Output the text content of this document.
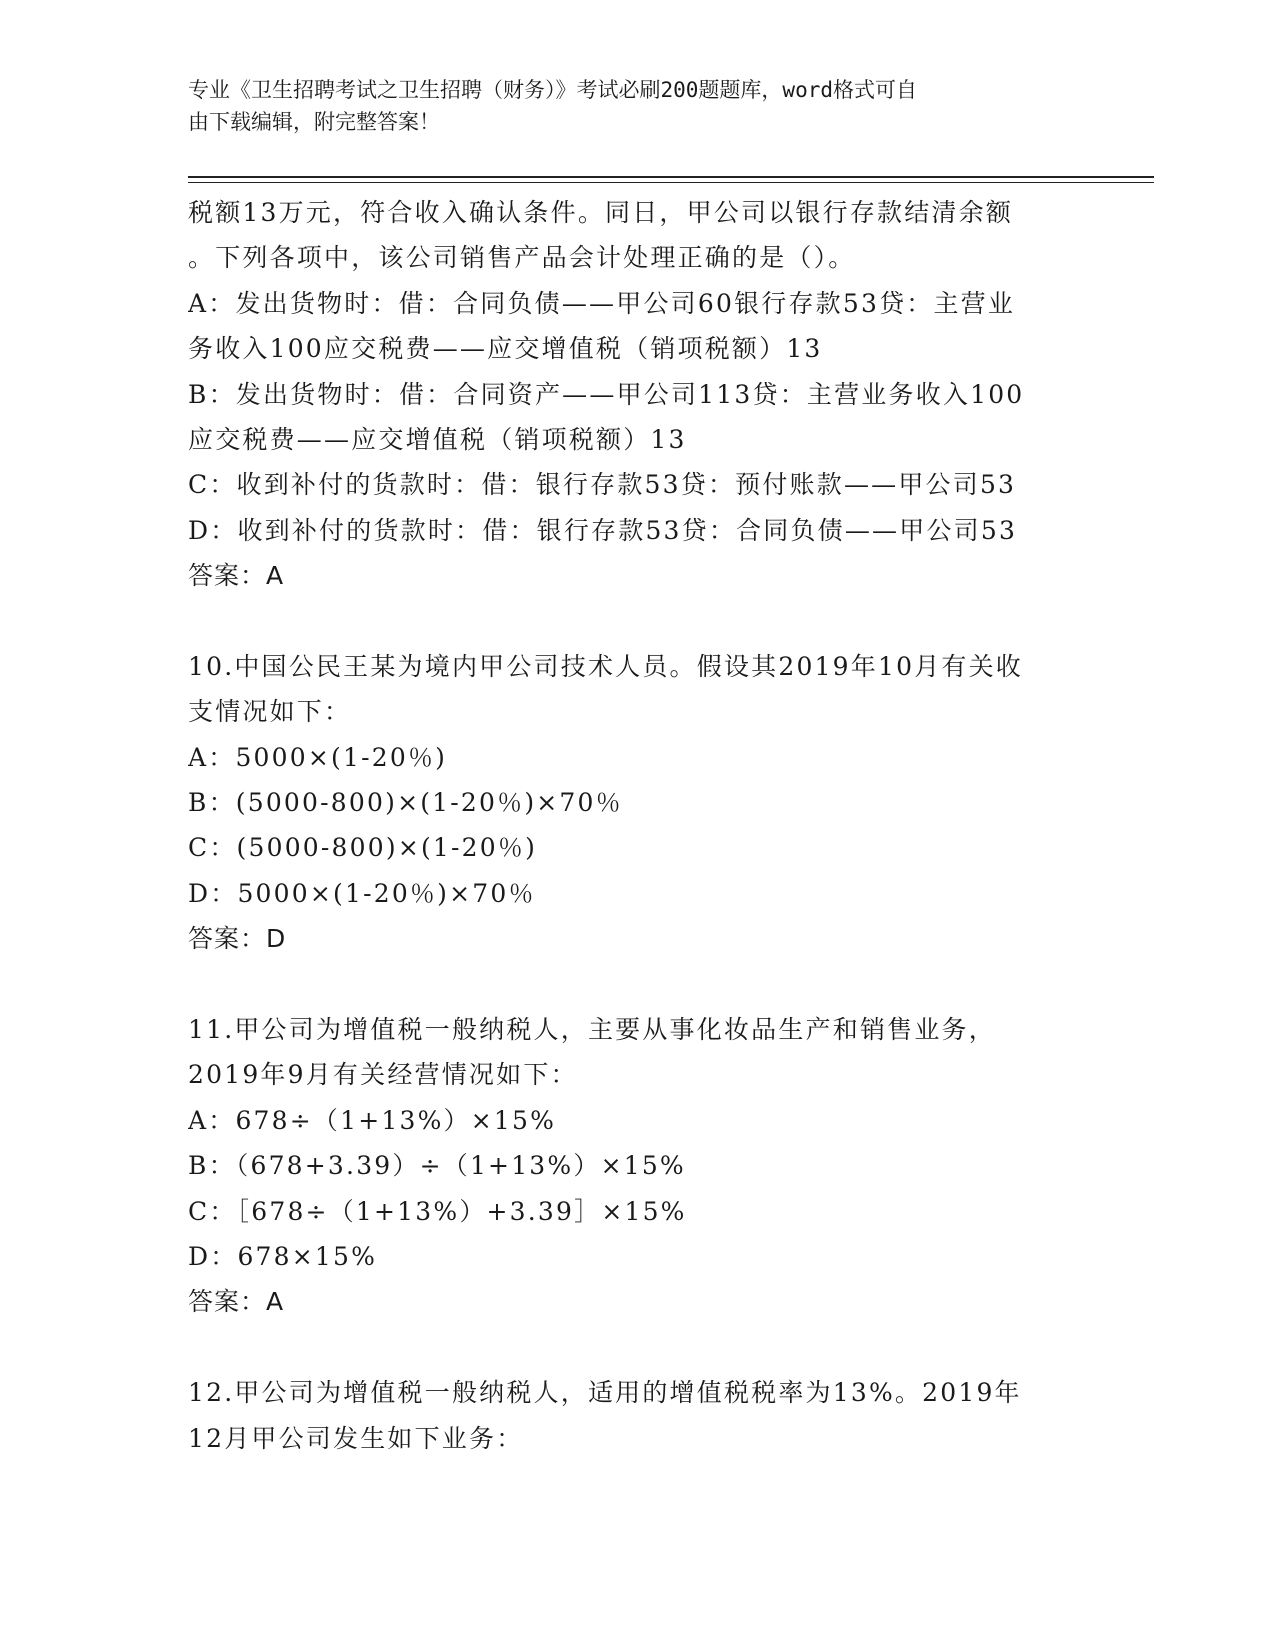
专业《卫生招聘考试之卫生招聘（财务）》考试必刷200题题库，word格式可自
由下载编辑，附完整答案！
税额13万元，符合收入确认条件。同日，甲公司以银行存款结清余额
。下列各项中，该公司销售产品会计处理正确的是（）。
A：发出货物时：借：合同负债——甲公司60银行存款53贷：主营业
务收入100应交税费——应交增值税（销项税额）13
B：发出货物时：借：合同资产——甲公司113贷：主营业务收入100
应交税费——应交增值税（销项税额）13
C：收到补付的货款时：借：银行存款53贷：预付账款——甲公司53
D：收到补付的货款时：借：银行存款53贷：合同负债——甲公司53
答案：A
10.中国公民王某为境内甲公司技术人员。假设其2019年10月有关收
支情况如下：
A：5000×(1-20％)
B：(5000-800)×(1-20％)×70％
C：(5000-800)×(1-20％)
D：5000×(1-20％)×70％
答案：D
11.甲公司为增值税一般纳税人，主要从事化妆品生产和销售业务，
2019年9月有关经营情况如下：
A：678÷（1+13%）×15%
B：（678+3.39）÷（1+13%）×15%
C：［678÷（1+13%）+3.39］×15%
D：678×15%
答案：A
12.甲公司为增值税一般纳税人，适用的增值税税率为13%。2019年
12月甲公司发生如下业务：
